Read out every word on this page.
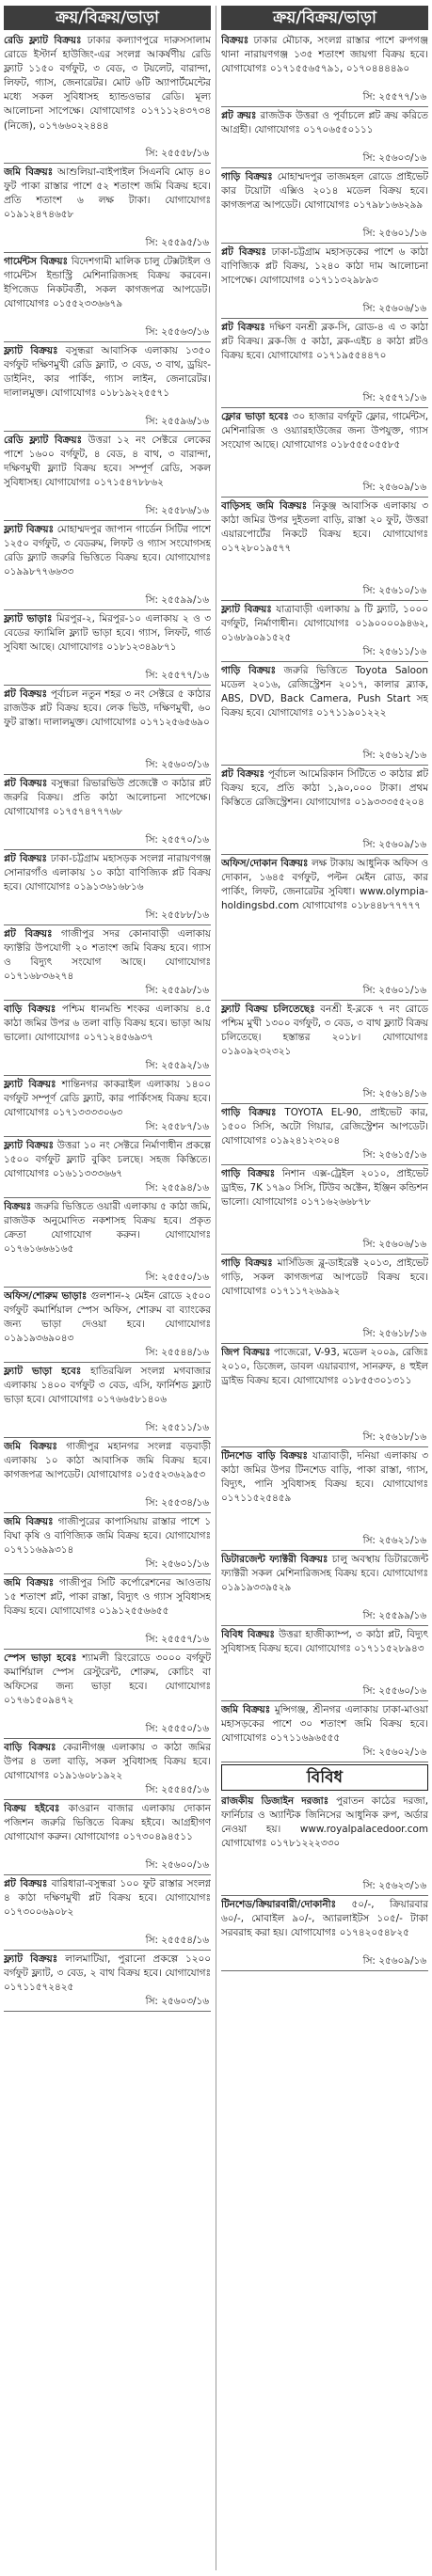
ক্রয়/বিক্রয়/ভাড়া
রেডি ফ্ল্যাট বিক্রয়ঃ ঢাকার কল্যাণপুরে দারুসসালাম রোডে ইস্টার্ন হাউজিং-এর সংলগ্ন আকর্ষণীয় রেডি ফ্ল্যাট ১১৫০ বর্গফুট, ৩ বেড, ৩ টয়লেট, বারান্দা, লিফট, গ্যাস, জেনারেটর। মোট ৬টি অ্যাপার্টমেন্টের মধ্যে সকল সুবিধাসহ হ্যান্ডওভার রেডি। মূল্য আলোচনা সাপেক্ষে। যোগাযোগঃ ০১৭১১২৪৩৭৩৪ (নিজে), ০১৭৬৬০২২৪৪৪
সি: ২৫৫৫৮/১৬
জমি বিক্রয়ঃ আশুলিয়া-বাইপাইল সিএনবি মোড় ৪০ ফুট পাকা রাস্তার পাশে ৫২ শতাংশ জমি বিক্রয় হবে। প্রতি শতাংশ ৬ লক্ষ টাকা। যোগাযোগঃ ০১৯১২৪৭৪৬৫৮
সি: ২৫৫৯৫/১৬
গার্মেন্টস বিক্রয়ঃ বিদেশগামী মালিক চালু টেক্সটাইল ও গার্মেন্টস ইন্ডাস্ট্রি মেশিনারিজসহ বিক্রয় করবেন। ইপিজেড নিকটবর্তী, সকল কাগজপত্র আপডেট। যোগাযোগঃ ০১৫৫২৩৩৬৬৭৯
সি: ২৫৫৬৩/১৬
ফ্ল্যাট বিক্রয়ঃ বসুন্ধরা আবাসিক এলাকায় ১৩৫০ বর্গফুট দক্ষিণমুখী রেডি ফ্ল্যাট, ৩ বেড, ৩ বাথ, ড্রয়িং-ডাইনিং, কার পার্কিং, গ্যাস লাইন, জেনারেটর। দালালমুক্ত। যোগাযোগঃ ০১৮১৯২২৫৫৭১
সি: ২৫৫৯৬/১৬
রেডি ফ্ল্যাট বিক্রয়ঃ উত্তরা ১২ নং সেক্টরে লেকের পাশে ১৬০০ বর্গফুট, ৪ বেড, ৪ বাথ, ৩ বারান্দা, দক্ষিণমুখী ফ্ল্যাট বিক্রয় হবে। সম্পূর্ণ রেডি, সকল সুবিধাসহ। যোগাযোগঃ ০১৭১৫৪৭৮৮৬২
সি: ২৫৫৮৬/১৬
ফ্ল্যাট বিক্রয়ঃ মোহাম্মদপুর জাপান গার্ডেন সিটির পাশে ১২৫০ বর্গফুট, ৩ বেডরুম, লিফট ও গ্যাস সংযোগসহ রেডি ফ্ল্যাট জরুরি ভিত্তিতে বিক্রয় হবে। যোগাযোগঃ ০১৯৯৮৭৭৬৬৩৩
সি: ২৫৫৯৯/১৬
ফ্ল্যাট ভাড়াঃ মিরপুর-২, মিরপুর-১০ এলাকায় ২ ও ৩ বেডের ফ্যামিলি ফ্ল্যাট ভাড়া হবে। গ্যাস, লিফট, গার্ড সুবিধা আছে। যোগাযোগঃ ০১৮১২৩৪৯৮৭১
সি: ২৫৫৭৭/১৬
প্লট বিক্রয়ঃ পূর্বাচল নতুন শহর ৩ নং সেক্টরে ৫ কাঠার রাজউক প্লট বিক্রয় হবে। লেক ভিউ, দক্ষিণমুখী, ৬০ ফুট রাস্তা। দালালমুক্ত। যোগাযোগঃ ০১৭১২৫৬৫৬৯০
সি: ২৫৬০৩/১৬
প্লট বিক্রয়ঃ বসুন্ধরা রিভারভিউ প্রজেক্টে ৩ কাঠার প্লট জরুরি বিক্রয়। প্রতি কাঠা আলোচনা সাপেক্ষে। যোগাযোগঃ ০১৭৫৭৪৭৭৭৬৮
সি: ২৫৫৭০/১৬
প্লট বিক্রয়ঃ ঢাকা-চট্টগ্রাম মহাসড়ক সংলগ্ন নারায়ণগঞ্জ সোনারগাঁও এলাকায় ১০ কাঠা বাণিজ্যিক প্লট বিক্রয় হবে। যোগাযোগঃ ০১৯১৩৬১৬৮১৬
সি: ২৫৫৮৮/১৬
প্লট বিক্রয়ঃ গাজীপুর সদর কোনাবাড়ী এলাকায় ফ্যাক্টরি উপযোগী ২০ শতাংশ জমি বিক্রয় হবে। গ্যাস ও বিদ্যুৎ সংযোগ আছে। যোগাযোগঃ ০১৭১৬৮৩৬২৭৪
সি: ২৫৫৯৮/১৬
বাড়ি বিক্রয়ঃ পশ্চিম ধানমন্ডি শংকর এলাকায় ৪.৫ কাঠা জমির উপর ৬ তলা বাড়ি বিক্রয় হবে। ভাড়া আয় ভালো। যোগাযোগঃ ০১৭১২৪৫৬৯৩৭
সি: ২৫৫৯২/১৬
ফ্ল্যাট বিক্রয়ঃ শান্তিনগর কাকরাইল এলাকায় ১৪০০ বর্গফুট সম্পূর্ণ রেডি ফ্ল্যাট, কার পার্কিংসহ বিক্রয় হবে। যোগাযোগঃ ০১৭১৩৩৩৩০৬৩
সি: ২৫৫৮৭/১৬
ফ্ল্যাট বিক্রয়ঃ উত্তরা ১০ নং সেক্টরে নির্মাণাধীন প্রকল্পে ১৫০০ বর্গফুট ফ্ল্যাট বুকিং চলছে। সহজ কিস্তিতে। যোগাযোগঃ ০১৬১১৩৩৩৬৬৭
সি: ২৫৫৯৪/১৬
বিক্রয়ঃ জরুরি ভিত্তিতে ওয়ারী এলাকায় ৫ কাঠা জমি, রাজউক অনুমোদিত নকশাসহ বিক্রয় হবে। প্রকৃত ক্রেতা যোগাযোগ করুন। যোগাযোগঃ ০১৭৬১৬৬৬১৬৫
সি: ২৫৫৫০/১৬
অফিস/শোরুম ভাড়াঃ গুলশান-২ মেইন রোডে ২৫০০ বর্গফুট কমার্শিয়াল স্পেস অফিস, শোরুম বা ব্যাংকের জন্য ভাড়া দেওয়া হবে। যোগাযোগঃ ০১৯১৯৩৬৯০৪৩
সি: ২৫৫৪৪/১৬
ফ্ল্যাট ভাড়া হবেঃ হাতিরঝিল সংলগ্ন মগবাজার এলাকায় ১৪০০ বর্গফুট ৩ বেড, এসি, ফার্নিশড ফ্ল্যাট ভাড়া হবে। যোগাযোগঃ ০১৭৬৬৫৮১৪০৬
সি: ২৫৫১১/১৬
জমি বিক্রয়ঃ গাজীপুর মহানগর সংলগ্ন বড়বাড়ী এলাকায় ১০ কাঠা আবাসিক জমি বিক্রয় হবে। কাগজপত্র আপডেট। যোগাযোগঃ ০১৫৫২৩৬২৯৫৩
সি: ২৫৫৩৪/১৬
জমি বিক্রয়ঃ গাজীপুরের কাপাসিয়ায় রাস্তার পাশে ১ বিঘা কৃষি ও বাণিজ্যিক জমি বিক্রয় হবে। যোগাযোগঃ ০১৭১১৬৯৯৩১৪
সি: ২৫৬০১/১৬
জমি বিক্রয়ঃ গাজীপুর সিটি কর্পোরেশনের আওতায় ১৫ শতাংশ প্লট, পাকা রাস্তা, বিদ্যুৎ ও গ্যাস সুবিধাসহ বিক্রয় হবে। যোগাযোগঃ ০১৯১২৫৫৬৬৫৫
সি: ২৫৫৫৭/১৬
স্পেস ভাড়া হবেঃ শ্যামলী রিংরোডে ৩০০০ বর্গফুট কমার্শিয়াল স্পেস রেস্টুরেন্ট, শোরুম, কোচিং বা অফিসের জন্য ভাড়া হবে। যোগাযোগঃ ০১৭৬১৫০৯৪৭২
সি: ২৫৫৫০/১৬
বাড়ি বিক্রয়ঃ কেরানীগঞ্জ এলাকায় ৩ কাঠা জমির উপর ৪ তলা বাড়ি, সকল সুবিধাসহ বিক্রয় হবে। যোগাযোগঃ ০১৯১৬০৮১৯২২
সি: ২৫৫৪৫/১৬
বিক্রয় হইবেঃ কাওরান বাজার এলাকায় দোকান পজিশন জরুরি ভিত্তিতে বিক্রয় হইবে। আগ্রহীগণ যোগাযোগ করুন। যোগাযোগঃ ০১৭৩০৪৯৪৫১১
সি: ২৫৬০০/১৬
প্লট বিক্রয়ঃ বারিধারা-বসুন্ধরা ১০০ ফুট রাস্তার সংলগ্ন ৪ কাঠা দক্ষিণমুখী প্লট বিক্রয় হবে। যোগাযোগঃ ০১৭৩০০৬৯০৮২
সি: ২৫৫৫৪/১৬
ফ্ল্যাট বিক্রয়ঃ লালমাটিয়া, পুরানো প্রকল্পে ১২০০ বর্গফুট ফ্ল্যাট, ৩ বেড, ২ বাথ বিক্রয় হবে। যোগাযোগঃ ০১৭১১৫৭২৪২৫
সি: ২৫৬০৩/১৬
ক্রয়/বিক্রয়/ভাড়া
বিক্রয়ঃ ঢাকার মৌচাক, সংলগ্ন রাস্তার পাশে রুপগঞ্জ থানা নারায়ণগঞ্জ ১৩৫ শতাংশ জায়গা বিক্রয় হবে। যোগাযোগঃ ০১৭১৫৫৬৫৭৯১, ০১৭০৪৪৪৪৯০
সি: ২৫৫৭৭/১৬
প্লট ক্রয়ঃ রাজউক উত্তরা ও পূর্বাচলে প্লট ক্রয় করিতে আগ্রহী। যোগাযোগঃ ০১৭০৬৫৫০১১১
সি: ২৫৬০৩/১৬
গাড়ি বিক্রয়ঃ মোহাম্মদপুর তাজমহল রোডে প্রাইভেট কার টয়োটা এক্সিও ২০১৪ মডেল বিক্রয় হবে। কাগজপত্র আপডেট। যোগাযোগঃ ০১৭৯৮১৬৬২৯৯
সি: ২৫৬০১/১৬
প্লট বিক্রয়ঃ ঢাকা-চট্টগ্রাম মহাসড়কের পাশে ৬ কাঠা বাণিজ্যিক প্লট বিক্রয়, ১২৪০ কাঠা দাম আলোচনা সাপেক্ষে। যোগাযোগঃ ০১৭১১৩২৯৮৯৩
সি: ২৫৬০৬/১৬
প্লট বিক্রয়ঃ দক্ষিণ বনশ্রী ব্লক-সি, রোড-৪ এ ৩ কাঠা প্লট বিক্রয়। ব্লক-জি ৫ কাঠা, ব্লক-এইচ ৪ কাঠা প্লটও বিক্রয় হবে। যোগাযোগঃ ০১৭১৯৫৫৪৪৭০
সি: ২৫৫৭১/১৬
ফ্লোর ভাড়া হবেঃ ৩০ হাজার বর্গফুট ফ্লোর, গার্মেন্টস, মেশিনারিজ ও ওয়্যারহাউজের জন্য উপযুক্ত, গ্যাস সংযোগ আছে। যোগাযোগঃ ০১৮৫৫৫০৫৫৮৫
সি: ২৫৬০৯/১৬
বাড়িসহ জমি বিক্রয়ঃ নিকুঞ্জ আবাসিক এলাকায় ৩ কাঠা জমির উপর দুইতলা বাড়ি, রাস্তা ২০ ফুট, উত্তরা এয়ারপোর্টের নিকটে বিক্রয় হবে। যোগাযোগঃ ০১৭২৮০১৯৫৭৭
সি: ২৫৬১০/১৬
ফ্ল্যাট বিক্রয়ঃ যাত্রাবাড়ী এলাকায় ৯ টি ফ্ল্যাট, ১০০০ বর্গফুট, নির্মাণাধীন। যোগাযোগঃ ০১৯০০০০৯৪৬২, ০১৬৮৯০৯১৫২৫
সি: ২৫৬১১/১৬
গাড়ি বিক্রয়ঃ জরুরি ভিত্তিতে Toyota Saloon মডেল ২০১৬, রেজিস্ট্রেশন ২০১৭, কালার ব্ল্যাক, ABS, DVD, Back Camera, Push Start সহ বিক্রয় হবে। যোগাযোগঃ ০১৭১১৯০১২২২
সি: ২৫৬১২/১৬
প্লট বিক্রয়ঃ পূর্বাচল আমেরিকান সিটিতে ৩ কাঠার প্লট বিক্রয় হবে, প্রতি কাঠা ১,৯০,০০০ টাকা। প্রথম কিস্তিতে রেজিস্ট্রেশন। যোগাযোগঃ ০১৯৩৩৩৫৫২০৪
সি: ২৫৬০৯/১৬
অফিস/দোকান বিক্রয়ঃ লক্ষ টাকায় আধুনিক অফিস ও দোকান, ১৬৪৫ বর্গফুট, পল্টন মেইন রোড, কার পার্কিং, লিফট, জেনারেটর সুবিধা। www.olympia-holdingsbd.com যোগাযোগঃ ০১৮৪৪৮৭৭৭৭৭
সি: ২৫৬০১/১৬
ফ্ল্যাট বিক্রয় চলিতেছেঃ বনশ্রী ই-ব্লকে ৭ নং রোডে পশ্চিম মুখী ১৩০০ বর্গফুট, ৩ বেড, ৩ বাথ ফ্ল্যাট বিক্রয় চলিতেছে। হস্তান্তর ২০১৮। যোগাযোগঃ ০১৯০৯২৩২৩২১
সি: ২৫৬১৪/১৬
গাড়ি বিক্রয়ঃ TOYOTA EL-90, প্রাইভেট কার, ১৫০০ সিসি, অটো গিয়ার, রেজিস্ট্রেশন আপডেট। যোগাযোগঃ ০১৯২৪১২৩২০৪
সি: ২৫৬১৫/১৬
গাড়ি বিক্রয়ঃ নিশান এক্স-ট্রেইল ২০১০, প্রাইভেট ড্রাইভ, 7K ১৭৯০ সিসি, টিউব অক্টেন, ইঞ্জিন কন্ডিশন ভালো। যোগাযোগঃ ০১৭১৬২৬৬৮৭৮
সি: ২৫৬০৬/১৬
গাড়ি বিক্রয়ঃ মার্সিডিজ ব্লু-ডাইরেক্ট ২০১৩, প্রাইভেট গাড়ি, সকল কাগজপত্র আপডেট বিক্রয় হবে। যোগাযোগঃ ০১৭১১৭২৬৯৯২
সি: ২৫৬১৮/১৬
জিপ বিক্রয়ঃ পাজেরো, V-93, মডেল ২০০৯, রেজিঃ ২০১০, ডিজেল, ডাবল এয়ারব্যাগ, সানরুফ, ৪ হুইল ড্রাইভ বিক্রয় হবে। যোগাযোগঃ ০১৮৫৫৩০১৩১১
সি: ২৫৬১৮/১৬
টিনশেড বাড়ি বিক্রয়ঃ যাত্রাবাড়ী, দনিয়া এলাকায় ৩ কাঠা জমির উপর টিনশেড বাড়ি, পাকা রাস্তা, গ্যাস, বিদ্যুৎ, পানি সুবিধাসহ বিক্রয় হবে। যোগাযোগঃ ০১৭১১৫২৫৪৫৯
সি: ২৫৬২১/১৬
ডিটারজেন্ট ফ্যাক্টরী বিক্রয়ঃ চালু অবস্থায় ডিটারজেন্ট ফ্যাক্টরী সকল মেশিনারিজসহ বিক্রয় হবে। যোগাযোগঃ ০১৯১৯৩৩৯৫২৯
সি: ২৫৫৯৯/১৬
বিবিধ বিক্রয়ঃ উত্তরা হাজীক্যাম্প, ৩ কাঠা প্লট, বিদ্যুৎ সুবিধাসহ বিক্রয় হবে। যোগাযোগঃ ০১৭১১৫২৮৯৪৩
সি: ২৫৫৬০/১৬
জমি বিক্রয়ঃ মুন্সিগঞ্জ, শ্রীনগর এলাকায় ঢাকা-মাওয়া মহাসড়কের পাশে ৩০ শতাংশ জমি বিক্রয় হবে। যোগাযোগঃ ০১৭১১৬৯৬৫৫৫
সি: ২৫৬০২/১৬
বিবিধ
রাজকীয় ডিজাইন দরজাঃ পুরাতন কাঠের দরজা, ফার্নিচার ও অ্যান্টিক জিনিসের আধুনিক রুপ, অর্ডার নেওয়া হয়। www.royalpalacedoor.com যোগাযোগঃ ০১৭৮১২২২৩৩০
সি: ২৫৬২৩/১৬
টিনশেড/ক্রিয়ারবারী/দোকানীঃ ৫০/-, ক্রিয়ারবার ৬০/-, মোবাইল ৯০/-, অ্যারলাইটস ১০৫/- টাকা সরবরাহ করা হয়। যোগাযোগঃ ০১৭৪২০৫৪৮২৫
সি: ২৫৬০৯/১৬
